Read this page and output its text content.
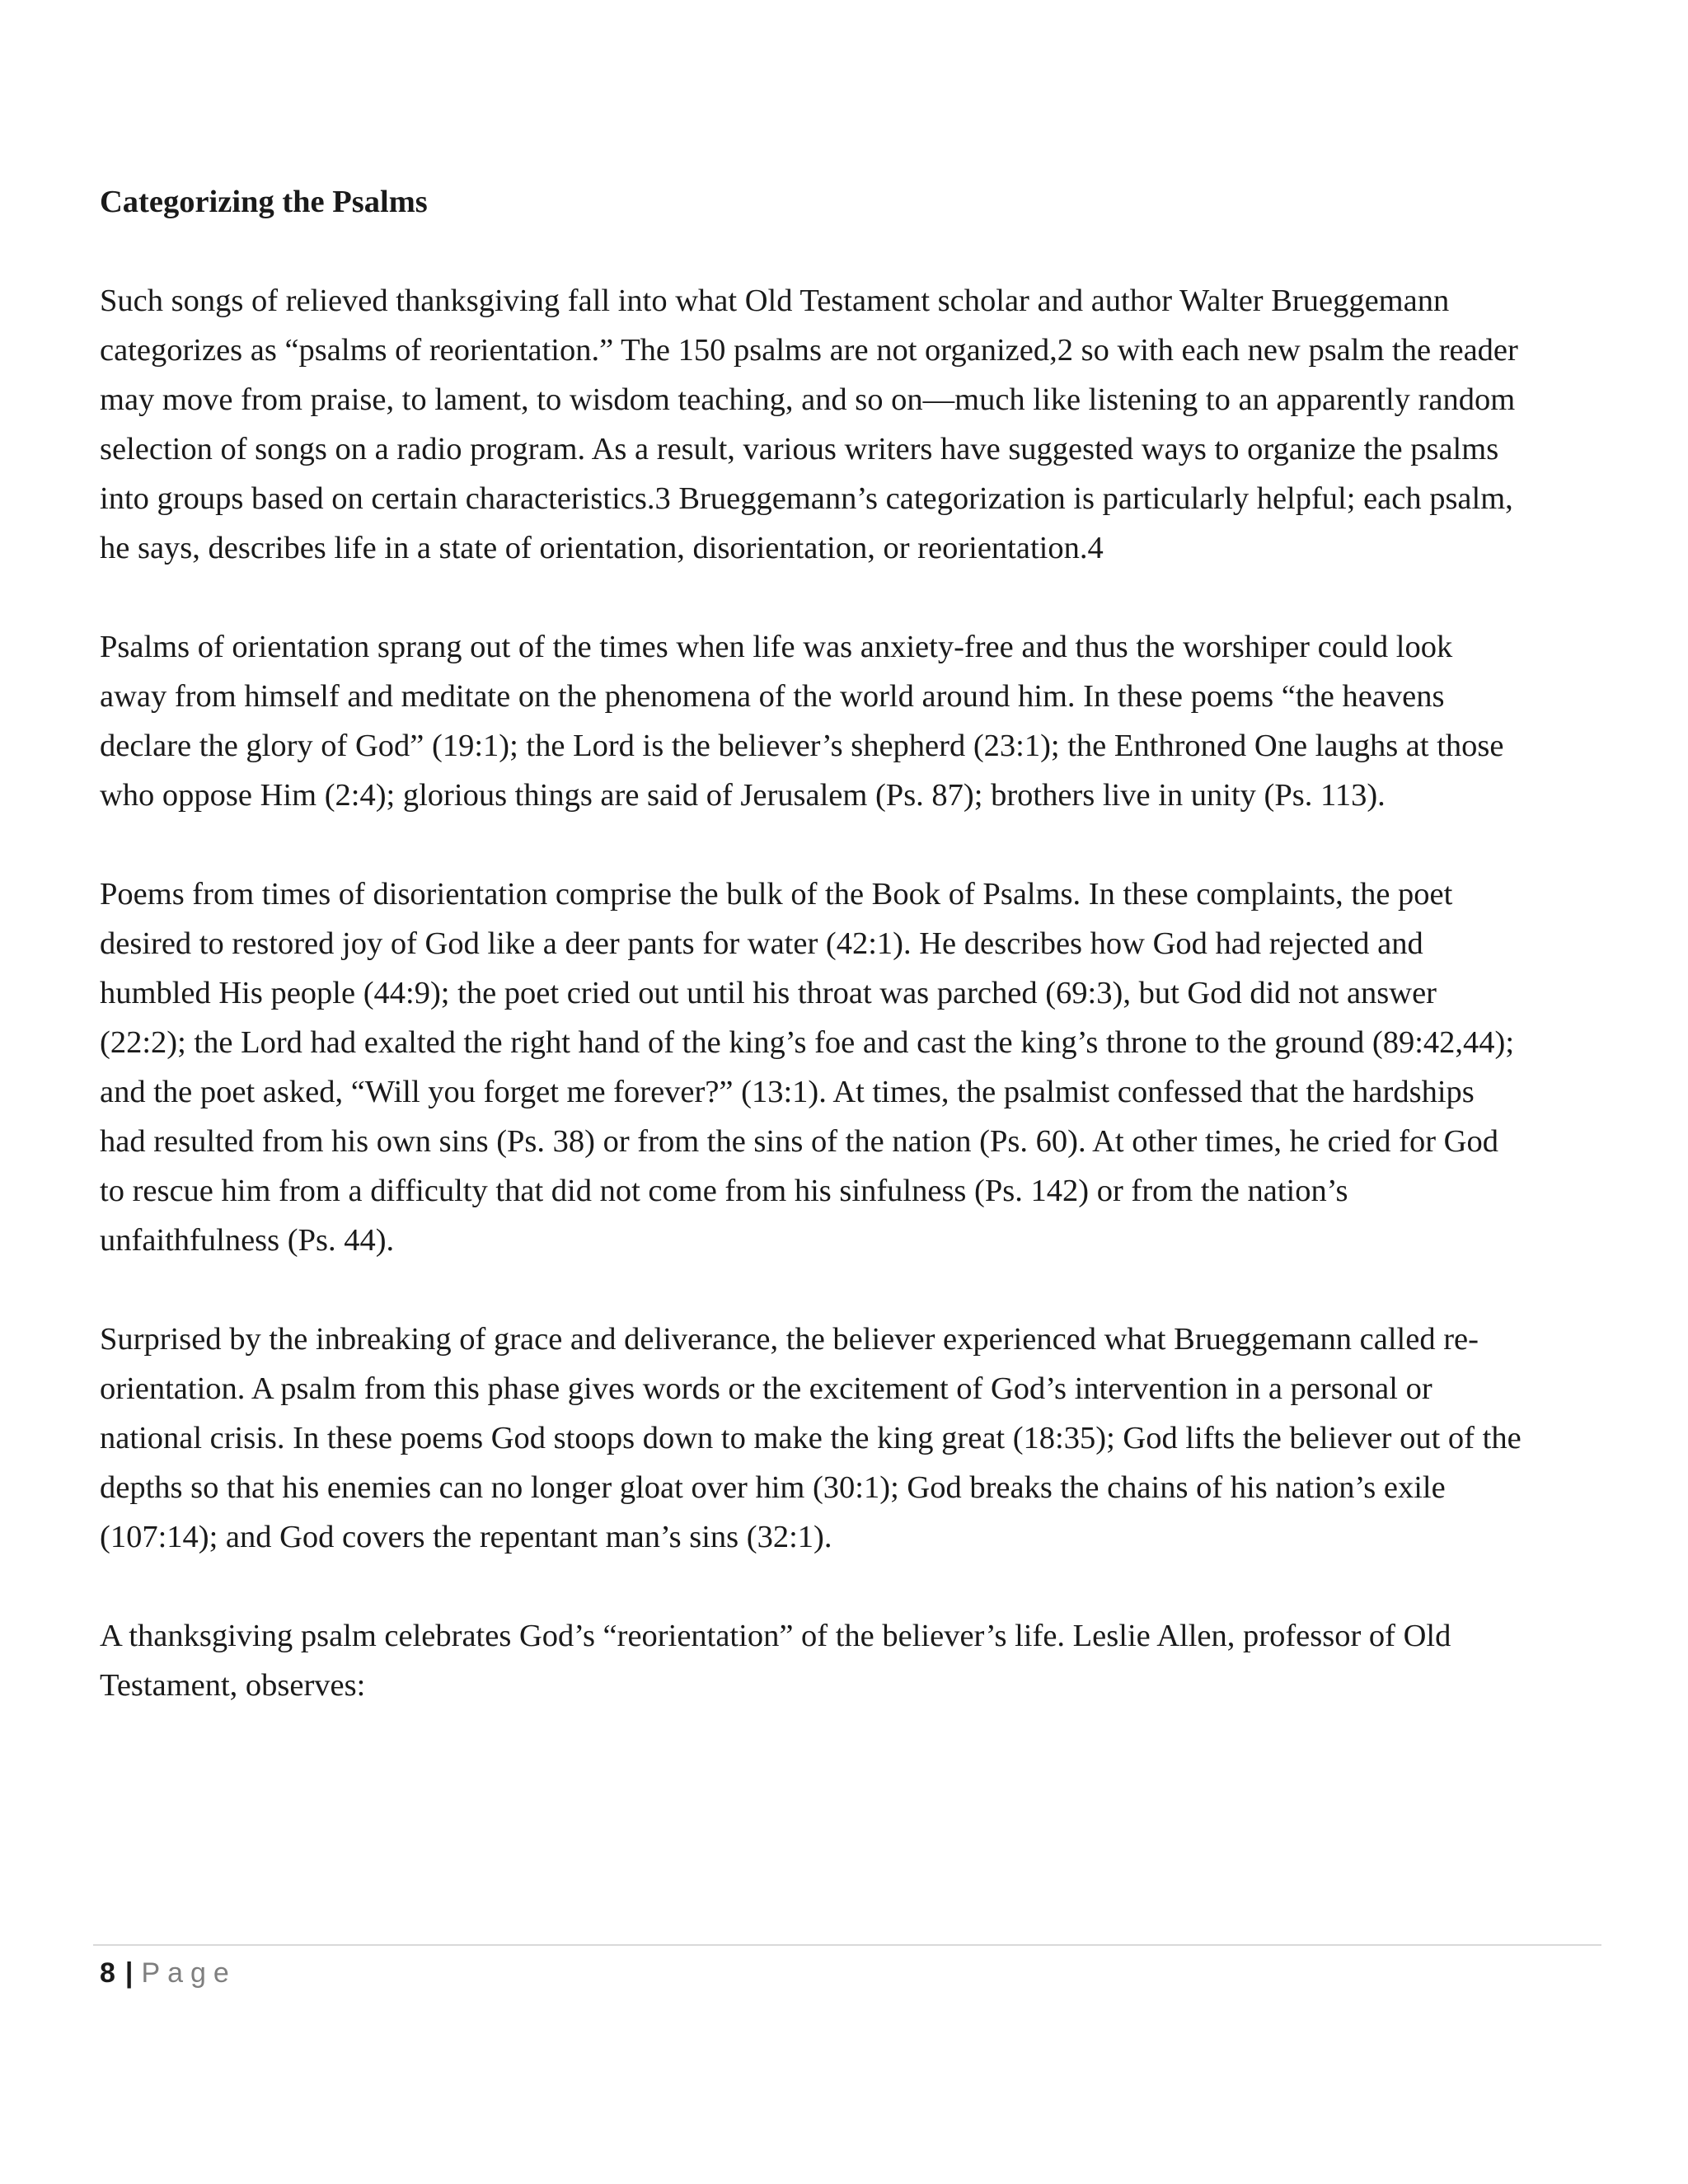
Categorizing the Psalms

Such songs of relieved thanksgiving fall into what Old Testament scholar and author Walter Brueggemann categorizes as “psalms of reorientation.” The 150 psalms are not organized,2 so with each new psalm the reader may move from praise, to lament, to wisdom teaching, and so on—much like listening to an apparently random selection of songs on a radio program. As a result, various writers have suggested ways to organize the psalms into groups based on certain characteristics.3 Brueggemann’s categorization is particularly helpful; each psalm, he says, describes life in a state of orientation, disorientation, or reorientation.4

Psalms of orientation sprang out of the times when life was anxiety-free and thus the worshiper could look away from himself and meditate on the phenomena of the world around him. In these poems “the heavens declare the glory of God” (19:1); the Lord is the believer’s shepherd (23:1); the Enthroned One laughs at those who oppose Him (2:4); glorious things are said of Jerusalem (Ps. 87); brothers live in unity (Ps. 113).

Poems from times of disorientation comprise the bulk of the Book of Psalms. In these complaints, the poet desired to restored joy of God like a deer pants for water (42:1). He describes how God had rejected and humbled His people (44:9); the poet cried out until his throat was parched (69:3), but God did not answer (22:2); the Lord had exalted the right hand of the king’s foe and cast the king’s throne to the ground (89:42,44); and the poet asked, “Will you forget me forever?” (13:1). At times, the psalmist confessed that the hardships had resulted from his own sins (Ps. 38) or from the sins of the nation (Ps. 60). At other times, he cried for God to rescue him from a difficulty that did not come from his sinfulness (Ps. 142) or from the nation’s unfaithfulness (Ps. 44).

Surprised by the inbreaking of grace and deliverance, the believer experienced what Brueggemann called re-orientation. A psalm from this phase gives words or the excitement of God’s intervention in a personal or national crisis. In these poems God stoops down to make the king great (18:35); God lifts the believer out of the depths so that his enemies can no longer gloat over him (30:1); God breaks the chains of his nation’s exile (107:14); and God covers the repentant man’s sins (32:1).

A thanksgiving psalm celebrates God’s “reorientation” of the believer’s life. Leslie Allen, professor of Old Testament, observes:

8 | Page
